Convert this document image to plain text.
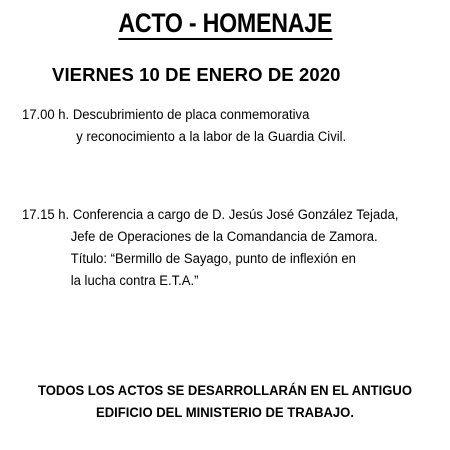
ACTO - HOMENAJE
VIERNES 10 DE ENERO DE 2020
17.00 h. Descubrimiento de placa conmemorativa
y reconocimiento a la labor de la Guardia Civil.
17.15 h. Conferencia a cargo de D. Jesús José González Tejada,
Jefe de Operaciones de la Comandancia de Zamora.
Título: “Bermillo de Sayago, punto de inflexión en
la lucha contra E.T.A.”
TODOS LOS ACTOS SE DESARROLLARÁN EN EL ANTIGUO
EDIFICIO DEL MINISTERIO DE TRABAJO.
